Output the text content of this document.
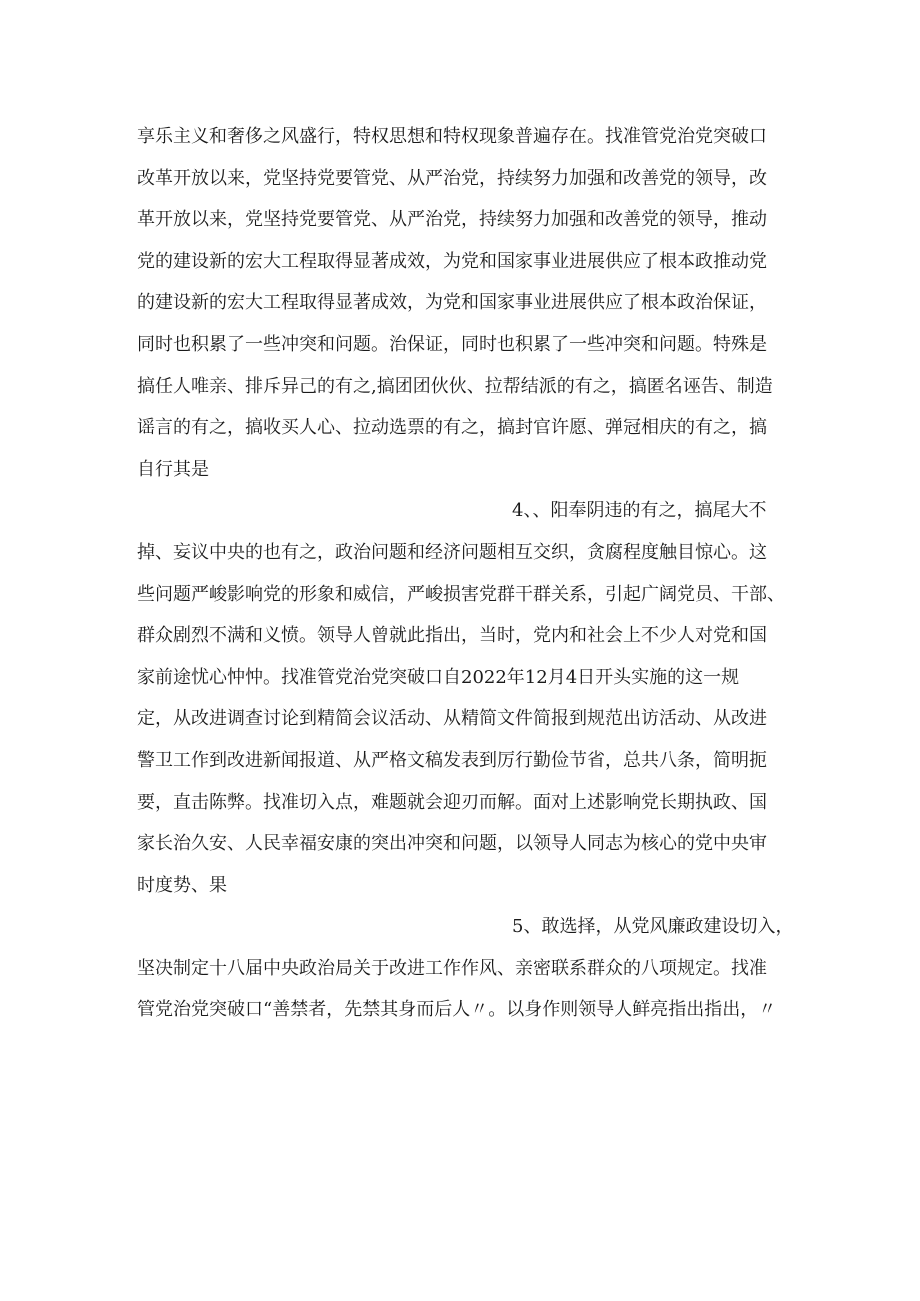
享乐主义和奢侈之风盛行，特权思想和特权现象普遍存在。找准管党治党突破口
改革开放以来，党坚持党要管党、从严治党，持续努力加强和改善党的领导，改
革开放以来，党坚持党要管党、从严治党，持续努力加强和改善党的领导，推动
党的建设新的宏大工程取得显著成效，为党和国家事业进展供应了根本政推动党
的建设新的宏大工程取得显著成效，为党和国家事业进展供应了根本政治保证，
同时也积累了一些冲突和问题。治保证，同时也积累了一些冲突和问题。特殊是
搞任人唯亲、排斥异己的有之,搞团团伙伙、拉帮结派的有之，搞匿名诬告、制造
谣言的有之，搞收买人心、拉动选票的有之，搞封官许愿、弹冠相庆的有之，搞
自行其是
4、、阳奉阴违的有之，搞尾大不
掉、妄议中央的也有之，政治问题和经济问题相互交织，贪腐程度触目惊心。这
些问题严峻影响党的形象和威信，严峻损害党群干群关系，引起广阔党员、干部、
群众剧烈不满和义愤。领导人曾就此指出，当时，党内和社会上不少人对党和国
家前途忧心忡忡。找准管党治党突破口自2022年12月4日开头实施的这一规
定，从改进调查讨论到精简会议活动、从精简文件简报到规范出访活动、从改进
警卫工作到改进新闻报道、从严格文稿发表到厉行勤俭节省，总共八条，简明扼
要，直击陈弊。找准切入点，难题就会迎刃而解。面对上述影响党长期执政、国
家长治久安、人民幸福安康的突出冲突和问题，以领导人同志为核心的党中央审
时度势、果
5、敢选择，从党风廉政建设切入，
坚决制定十八届中央政治局关于改进工作作风、亲密联系群众的八项规定。找准
管党治党突破口“善禁者，先禁其身而后人〃。以身作则领导人鲜亮指出指出，〃
